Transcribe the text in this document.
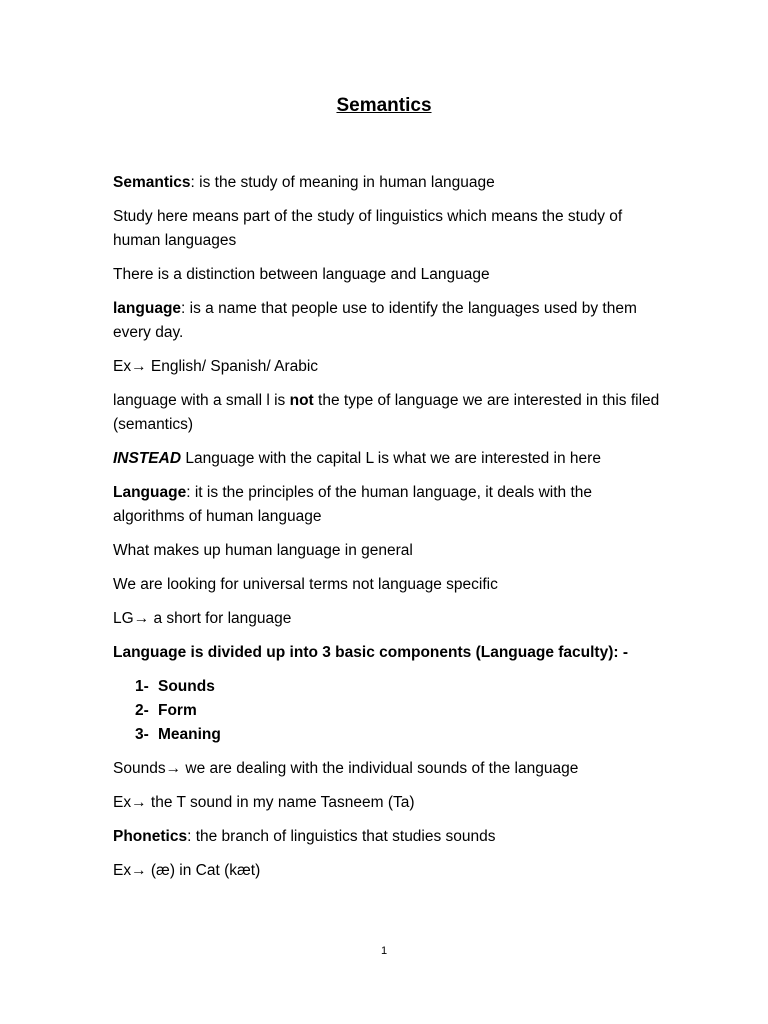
Semantics

Semantics: is the study of meaning in human language

Study here means part of the study of linguistics which means the study of human languages

There is a distinction between language and Language

language: is a name that people use to identify the languages used by them every day.

Ex→ English/ Spanish/ Arabic

language with a small l is not the type of language we are interested in this filed (semantics)

INSTEAD Language with the capital L is what we are interested in here

Language: it is the principles of the human language, it deals with the algorithms of human language

What makes up human language in general

We are looking for universal terms not language specific

LG→ a short for language

Language is divided up into 3 basic components (Language faculty): -

1- Sounds
2- Form
3- Meaning

Sounds→ we are dealing with the individual sounds of the language

Ex→ the T sound in my name Tasneem (Ta)

Phonetics: the branch of linguistics that studies sounds

Ex→ (æ) in Cat (kæt)

1
